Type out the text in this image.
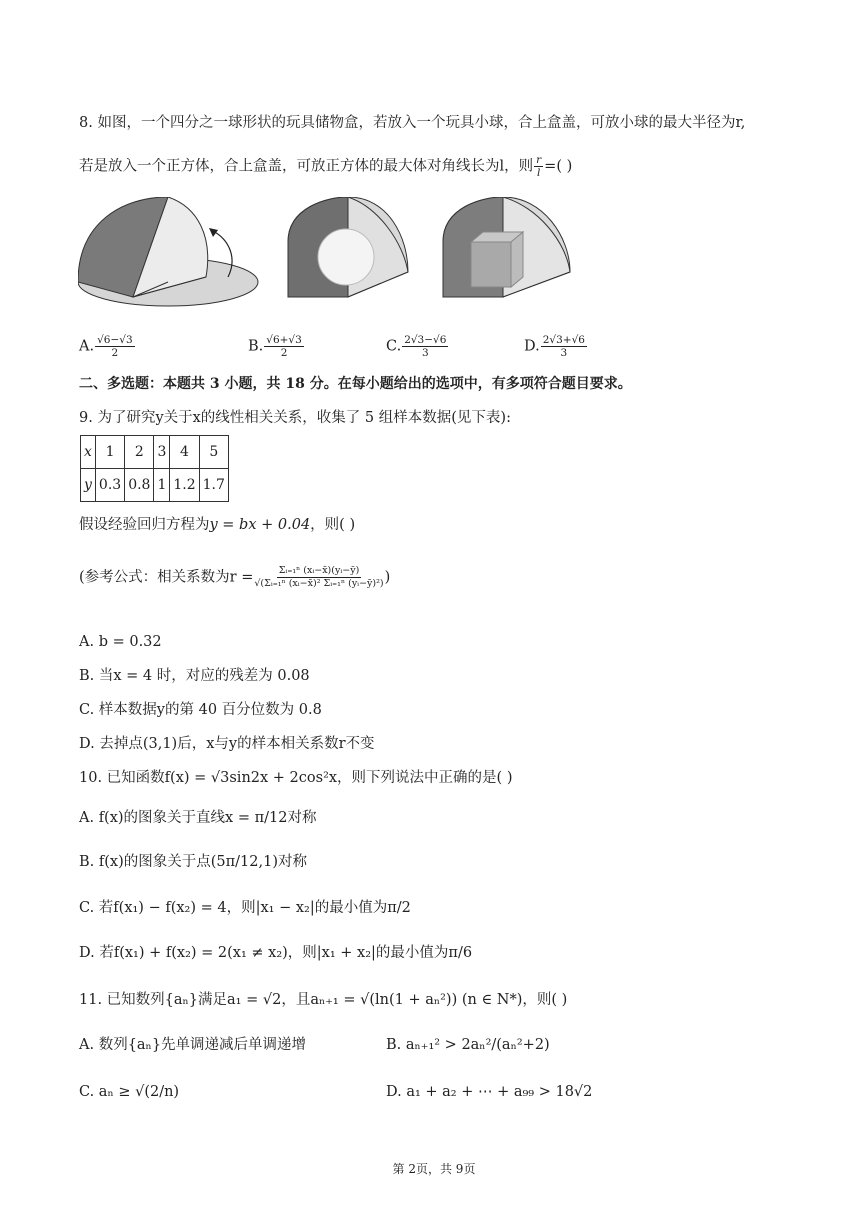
8. 如图，一个四分之一球形状的玩具储物盒，若放入一个玩具小球，合上盒盖，可放小球的最大半径为r,
若是放入一个正方体，合上盒盖，可放正方体的最大体对角线长为l，则 $\frac{r}{l}$ =( )
A. $\frac{√6-√3}{2}$	B. $\frac{√6+√3}{2}$	C. $\frac{2√3-√6}{3}$	D. $\frac{2√3+√6}{3}$
二、多选题：本题共 3 小题，共 18 分。在每小题给出的选项中，有多项符合题目要求。
9. 为了研究y关于x的线性相关关系，收集了 5 组样本数据(见下表):
x	1	2	3	4	5
y	0.3	0.8	1	1.2	1.7
假设经验回归方程为y = bx + 0.04，则( )
(参考公式：相关系数为$r = \frac{\text{Σᵢ₌₁ⁿ (xᵢ−x̄)(yᵢ−ȳ)}}{\text{√(Σᵢ₌₁ⁿ (xᵢ−x̄)² Σᵢ₌₁ⁿ (yᵢ−ȳ)²)}}$ )
A. b = 0.32
B. 当x = 4 时，对应的残差为 0.08
C. 样本数据y的第 40 百分位数为 0.8
D. 去掉点(3,1)后，x与y的样本相关系数r不变
10. 已知函数f(x) = √3sin2x + 2cos²x，则下列说法中正确的是( )
A. f(x)的图象关于直线x = π/12对称
B. f(x)的图象关于点(5π/12,1)对称
C. 若f(x₁) − f(x₂) = 4，则|x₁ − x₂|的最小值为π/2
D. 若f(x₁) + f(x₂) = 2(x₁ ≠ x₂)，则|x₁ + x₂|的最小值为π/6
11. 已知数列{aₙ}满足a₁ = √2，且aₙ₊₁ = √(ln(1 + aₙ²)) (n ∈ N*)，则( )
A. 数列{aₙ}先单调递减后单调递增	B. aₙ₊₁² > 2aₙ²/(aₙ²+2)
C. aₙ ≥ √(2/n)	D. a₁ + a₂ + ⋯ + a₉₉ > 18√2
第 2页，共 9页
